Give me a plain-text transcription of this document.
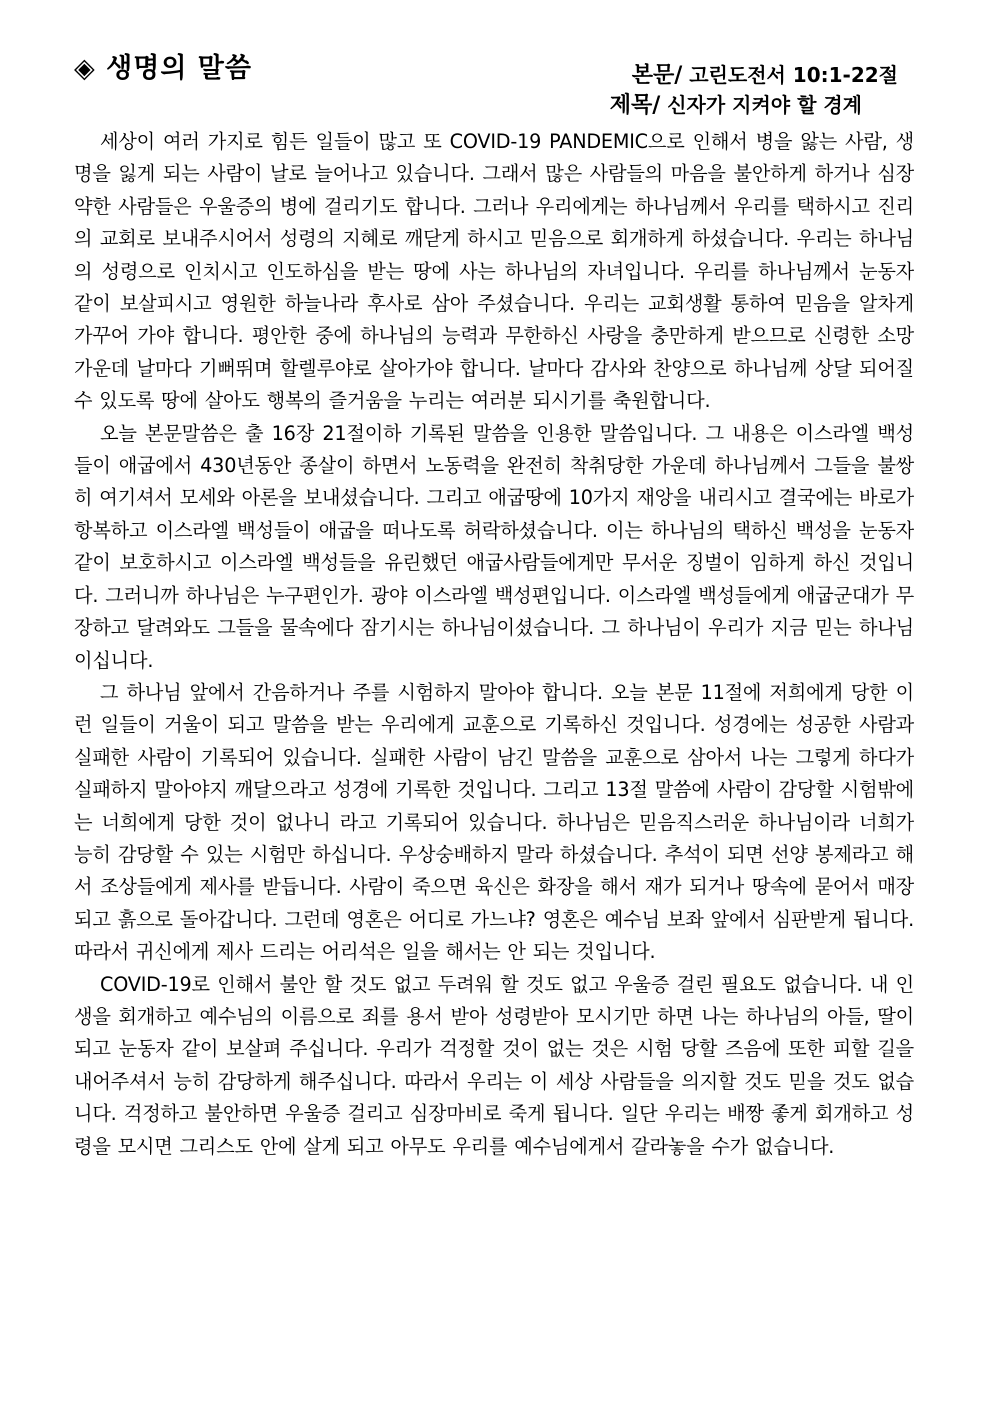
◈ 생명의 말씀	본문/ 고린도전서 10:1-22절
제목/ 신자가 지켜야 할 경계

세상이 여러 가지로 힘든 일들이 많고 또 COVID-19 PANDEMIC으로 인해서 병을 앓는 사람, 생명을 잃게 되는 사람이 날로 늘어나고 있습니다. 그래서 많은 사람들의 마음을 불안하게 하거나 심장 약한 사람들은 우울증의 병에 걸리기도 합니다. 그러나 우리에게는 하나님께서 우리를 택하시고 진리의 교회로 보내주시어서 성령의 지혜로 깨닫게 하시고 믿음으로 회개하게 하셨습니다. 우리는 하나님의 성령으로 인치시고 인도하심을 받는 땅에 사는 하나님의 자녀입니다. 우리를 하나님께서 눈동자 같이 보살피시고 영원한 하늘나라 후사로 삼아 주셨습니다. 우리는 교회생활 통하여 믿음을 알차게 가꾸어 가야 합니다. 평안한 중에 하나님의 능력과 무한하신 사랑을 충만하게 받으므로 신령한 소망가운데 날마다 기뻐뛰며 할렐루야로 살아가야 합니다. 날마다 감사와 찬양으로 하나님께 상달 되어질 수 있도록 땅에 살아도 행복의 즐거움을 누리는 여러분 되시기를 축원합니다.

오늘 본문말씀은 출 16장 21절이하 기록된 말씀을 인용한 말씀입니다. 그 내용은 이스라엘 백성들이 애굽에서 430년동안 종살이 하면서 노동력을 완전히 착취당한 가운데 하나님께서 그들을 불쌍히 여기셔서 모세와 아론을 보내셨습니다. 그리고 애굽땅에 10가지 재앙을 내리시고 결국에는 바로가 항복하고 이스라엘 백성들이 애굽을 떠나도록 허락하셨습니다. 이는 하나님의 택하신 백성을 눈동자 같이 보호하시고 이스라엘 백성들을 유린했던 애굽사람들에게만 무서운 징벌이 임하게 하신 것입니다. 그러니까 하나님은 누구편인가. 광야 이스라엘 백성편입니다. 이스라엘 백성들에게 애굽군대가 무장하고 달려와도 그들을 물속에다 잠기시는 하나님이셨습니다. 그 하나님이 우리가 지금 믿는 하나님이십니다.

그 하나님 앞에서 간음하거나 주를 시험하지 말아야 합니다. 오늘 본문 11절에 저희에게 당한 이런 일들이 거울이 되고 말씀을 받는 우리에게 교훈으로 기록하신 것입니다. 성경에는 성공한 사람과 실패한 사람이 기록되어 있습니다. 실패한 사람이 남긴 말씀을 교훈으로 삼아서 나는 그렇게 하다가 실패하지 말아야지 깨달으라고 성경에 기록한 것입니다. 그리고 13절 말씀에 사람이 감당할 시험밖에는 너희에게 당한 것이 없나니 라고 기록되어 있습니다. 하나님은 믿음직스러운 하나님이라 너희가 능히 감당할 수 있는 시험만 하십니다. 우상숭배하지 말라 하셨습니다. 추석이 되면 선양 봉제라고 해서 조상들에게 제사를 받듭니다. 사람이 죽으면 육신은 화장을 해서 재가 되거나 땅속에 묻어서 매장되고 흙으로 돌아갑니다. 그런데 영혼은 어디로 가느냐? 영혼은 예수님 보좌 앞에서 심판받게 됩니다. 따라서 귀신에게 제사 드리는 어리석은 일을 해서는 안 되는 것입니다.

COVID-19로 인해서 불안 할 것도 없고 두려워 할 것도 없고 우울증 걸린 필요도 없습니다. 내 인생을 회개하고 예수님의 이름으로 죄를 용서 받아 성령받아 모시기만 하면 나는 하나님의 아들, 딸이 되고 눈동자 같이 보살펴 주십니다. 우리가 걱정할 것이 없는 것은 시험 당할 즈음에 또한 피할 길을 내어주셔서 능히 감당하게 해주십니다. 따라서 우리는 이 세상 사람들을 의지할 것도 믿을 것도 없습니다. 걱정하고 불안하면 우울증 걸리고 심장마비로 죽게 됩니다. 일단 우리는 배짱 좋게 회개하고 성령을 모시면 그리스도 안에 살게 되고 아무도 우리를 예수님에게서 갈라놓을 수가 없습니다.
